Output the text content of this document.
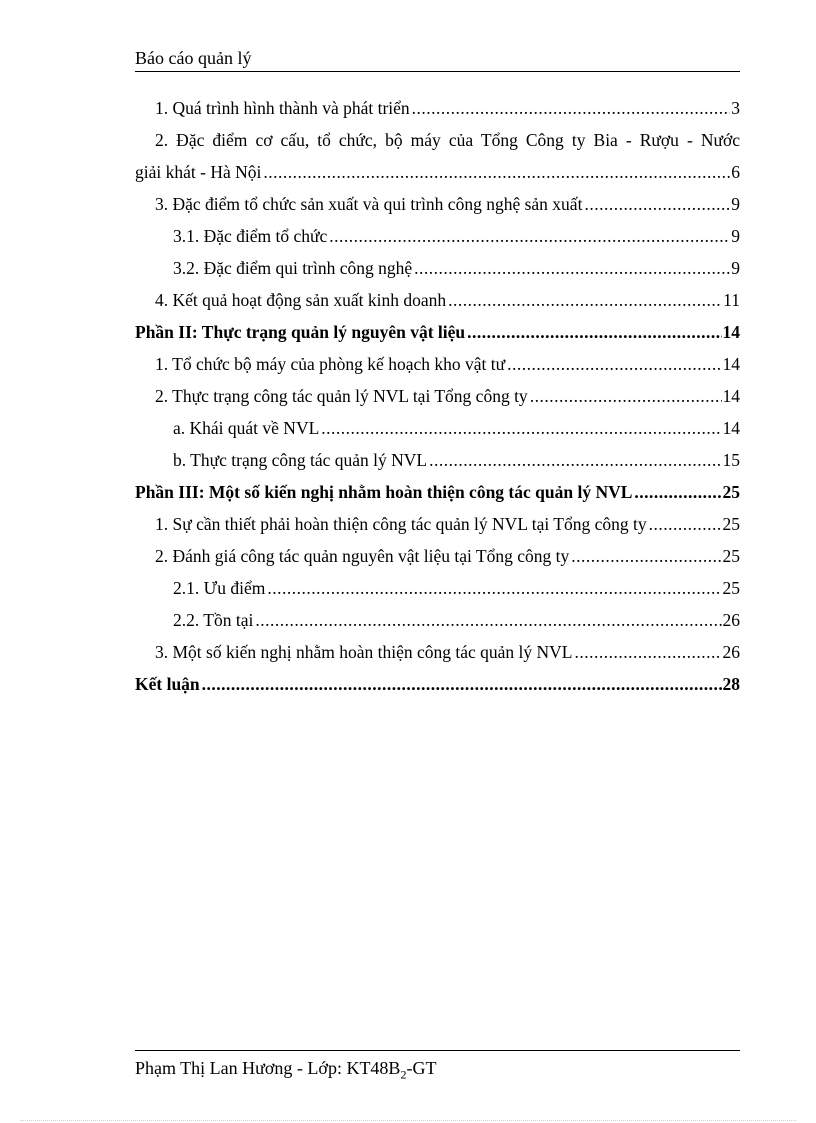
Báo cáo quản lý
1. Quá trình hình thành và phát triển .....	3
2. Đặc điểm cơ cấu, tổ chức, bộ máy của Tổng Công ty Bia - Rượu - Nước
giải khát - Hà Nội .....	6
3. Đặc điểm tổ chức sản xuất và qui trình công nghệ sản xuất .....	9
3.1. Đặc điểm tổ chức .....	9
3.2. Đặc điểm qui trình công nghệ .....	9
4. Kết quả hoạt động sản xuất kinh doanh .....	11
Phần II: Thực trạng quản lý nguyên vật liệu .....	14
1. Tổ chức bộ máy của phòng kế hoạch kho vật tư .....	14
2. Thực trạng công tác quản lý NVL tại Tổng công ty .....	14
a. Khái quát về NVL .....	14
b. Thực trạng công tác quản lý NVL .....	15
Phần III: Một số kiến nghị nhằm hoàn thiện công tác quản lý NVL .....	25
1. Sự cần thiết phải hoàn thiện công tác quản lý NVL tại Tổng công ty .....	25
2. Đánh giá công tác quản nguyên vật liệu tại Tổng công ty .....	25
2.1. Ưu điểm .....	25
2.2. Tồn tại .....	26
3. Một số kiến nghị nhằm hoàn thiện công tác quản lý NVL .....	26
Kết luận .....	28
Phạm Thị Lan Hương - Lớp: $KT48B_2-GT$
